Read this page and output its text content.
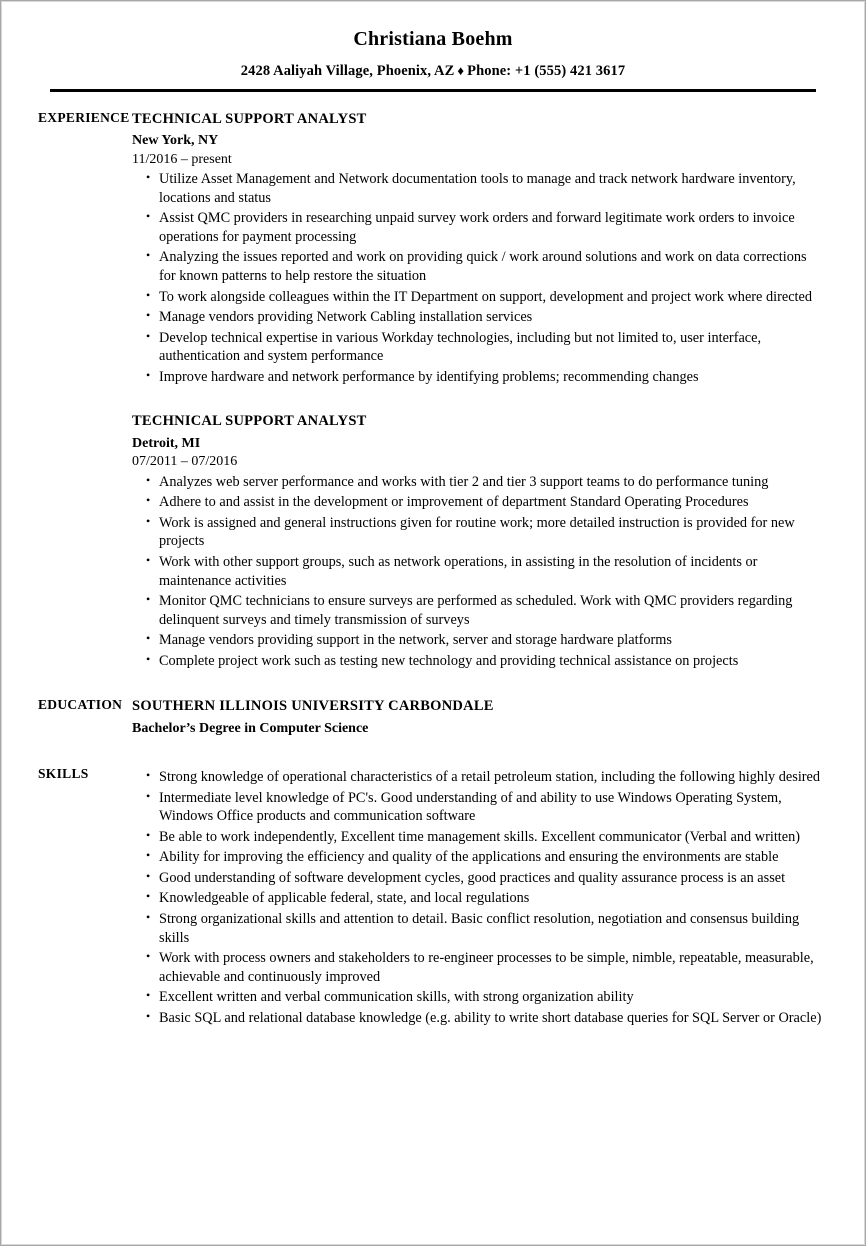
Christiana Boehm
2428 Aaliyah Village, Phoenix, AZ ♦ Phone: +1 (555) 421 3617
EXPERIENCE TECHNICAL SUPPORT ANALYST
New York, NY
11/2016 – present
• Utilize Asset Management and Network documentation tools to manage and track network hardware inventory, locations and status
• Assist QMC providers in researching unpaid survey work orders and forward legitimate work orders to invoice operations for payment processing
• Analyzing the issues reported and work on providing quick / work around solutions and work on data corrections for known patterns to help restore the situation
• To work alongside colleagues within the IT Department on support, development and project work where directed
• Manage vendors providing Network Cabling installation services
• Develop technical expertise in various Workday technologies, including but not limited to, user interface, authentication and system performance
• Improve hardware and network performance by identifying problems; recommending changes
TECHNICAL SUPPORT ANALYST
Detroit, MI
07/2011 – 07/2016
• Analyzes web server performance and works with tier 2 and tier 3 support teams to do performance tuning
• Adhere to and assist in the development or improvement of department Standard Operating Procedures
• Work is assigned and general instructions given for routine work; more detailed instruction is provided for new projects
• Work with other support groups, such as network operations, in assisting in the resolution of incidents or maintenance activities
• Monitor QMC technicians to ensure surveys are performed as scheduled. Work with QMC providers regarding delinquent surveys and timely transmission of surveys
• Manage vendors providing support in the network, server and storage hardware platforms
• Complete project work such as testing new technology and providing technical assistance on projects
EDUCATION SOUTHERN ILLINOIS UNIVERSITY CARBONDALE
Bachelor’s Degree in Computer Science
SKILLS	• Strong knowledge of operational characteristics of a retail petroleum station, including the following highly desired
• Intermediate level knowledge of PC's. Good understanding of and ability to use Windows Operating System, Windows Office products and communication software
• Be able to work independently, Excellent time management skills. Excellent communicator (Verbal and written)
• Ability for improving the efficiency and quality of the applications and ensuring the environments are stable
• Good understanding of software development cycles, good practices and quality assurance process is an asset
• Knowledgeable of applicable federal, state, and local regulations
• Strong organizational skills and attention to detail. Basic conflict resolution, negotiation and consensus building skills
• Work with process owners and stakeholders to re-engineer processes to be simple, nimble, repeatable, measurable, achievable and continuously improved
• Excellent written and verbal communication skills, with strong organization ability
• Basic SQL and relational database knowledge (e.g. ability to write short database queries for SQL Server or Oracle)
